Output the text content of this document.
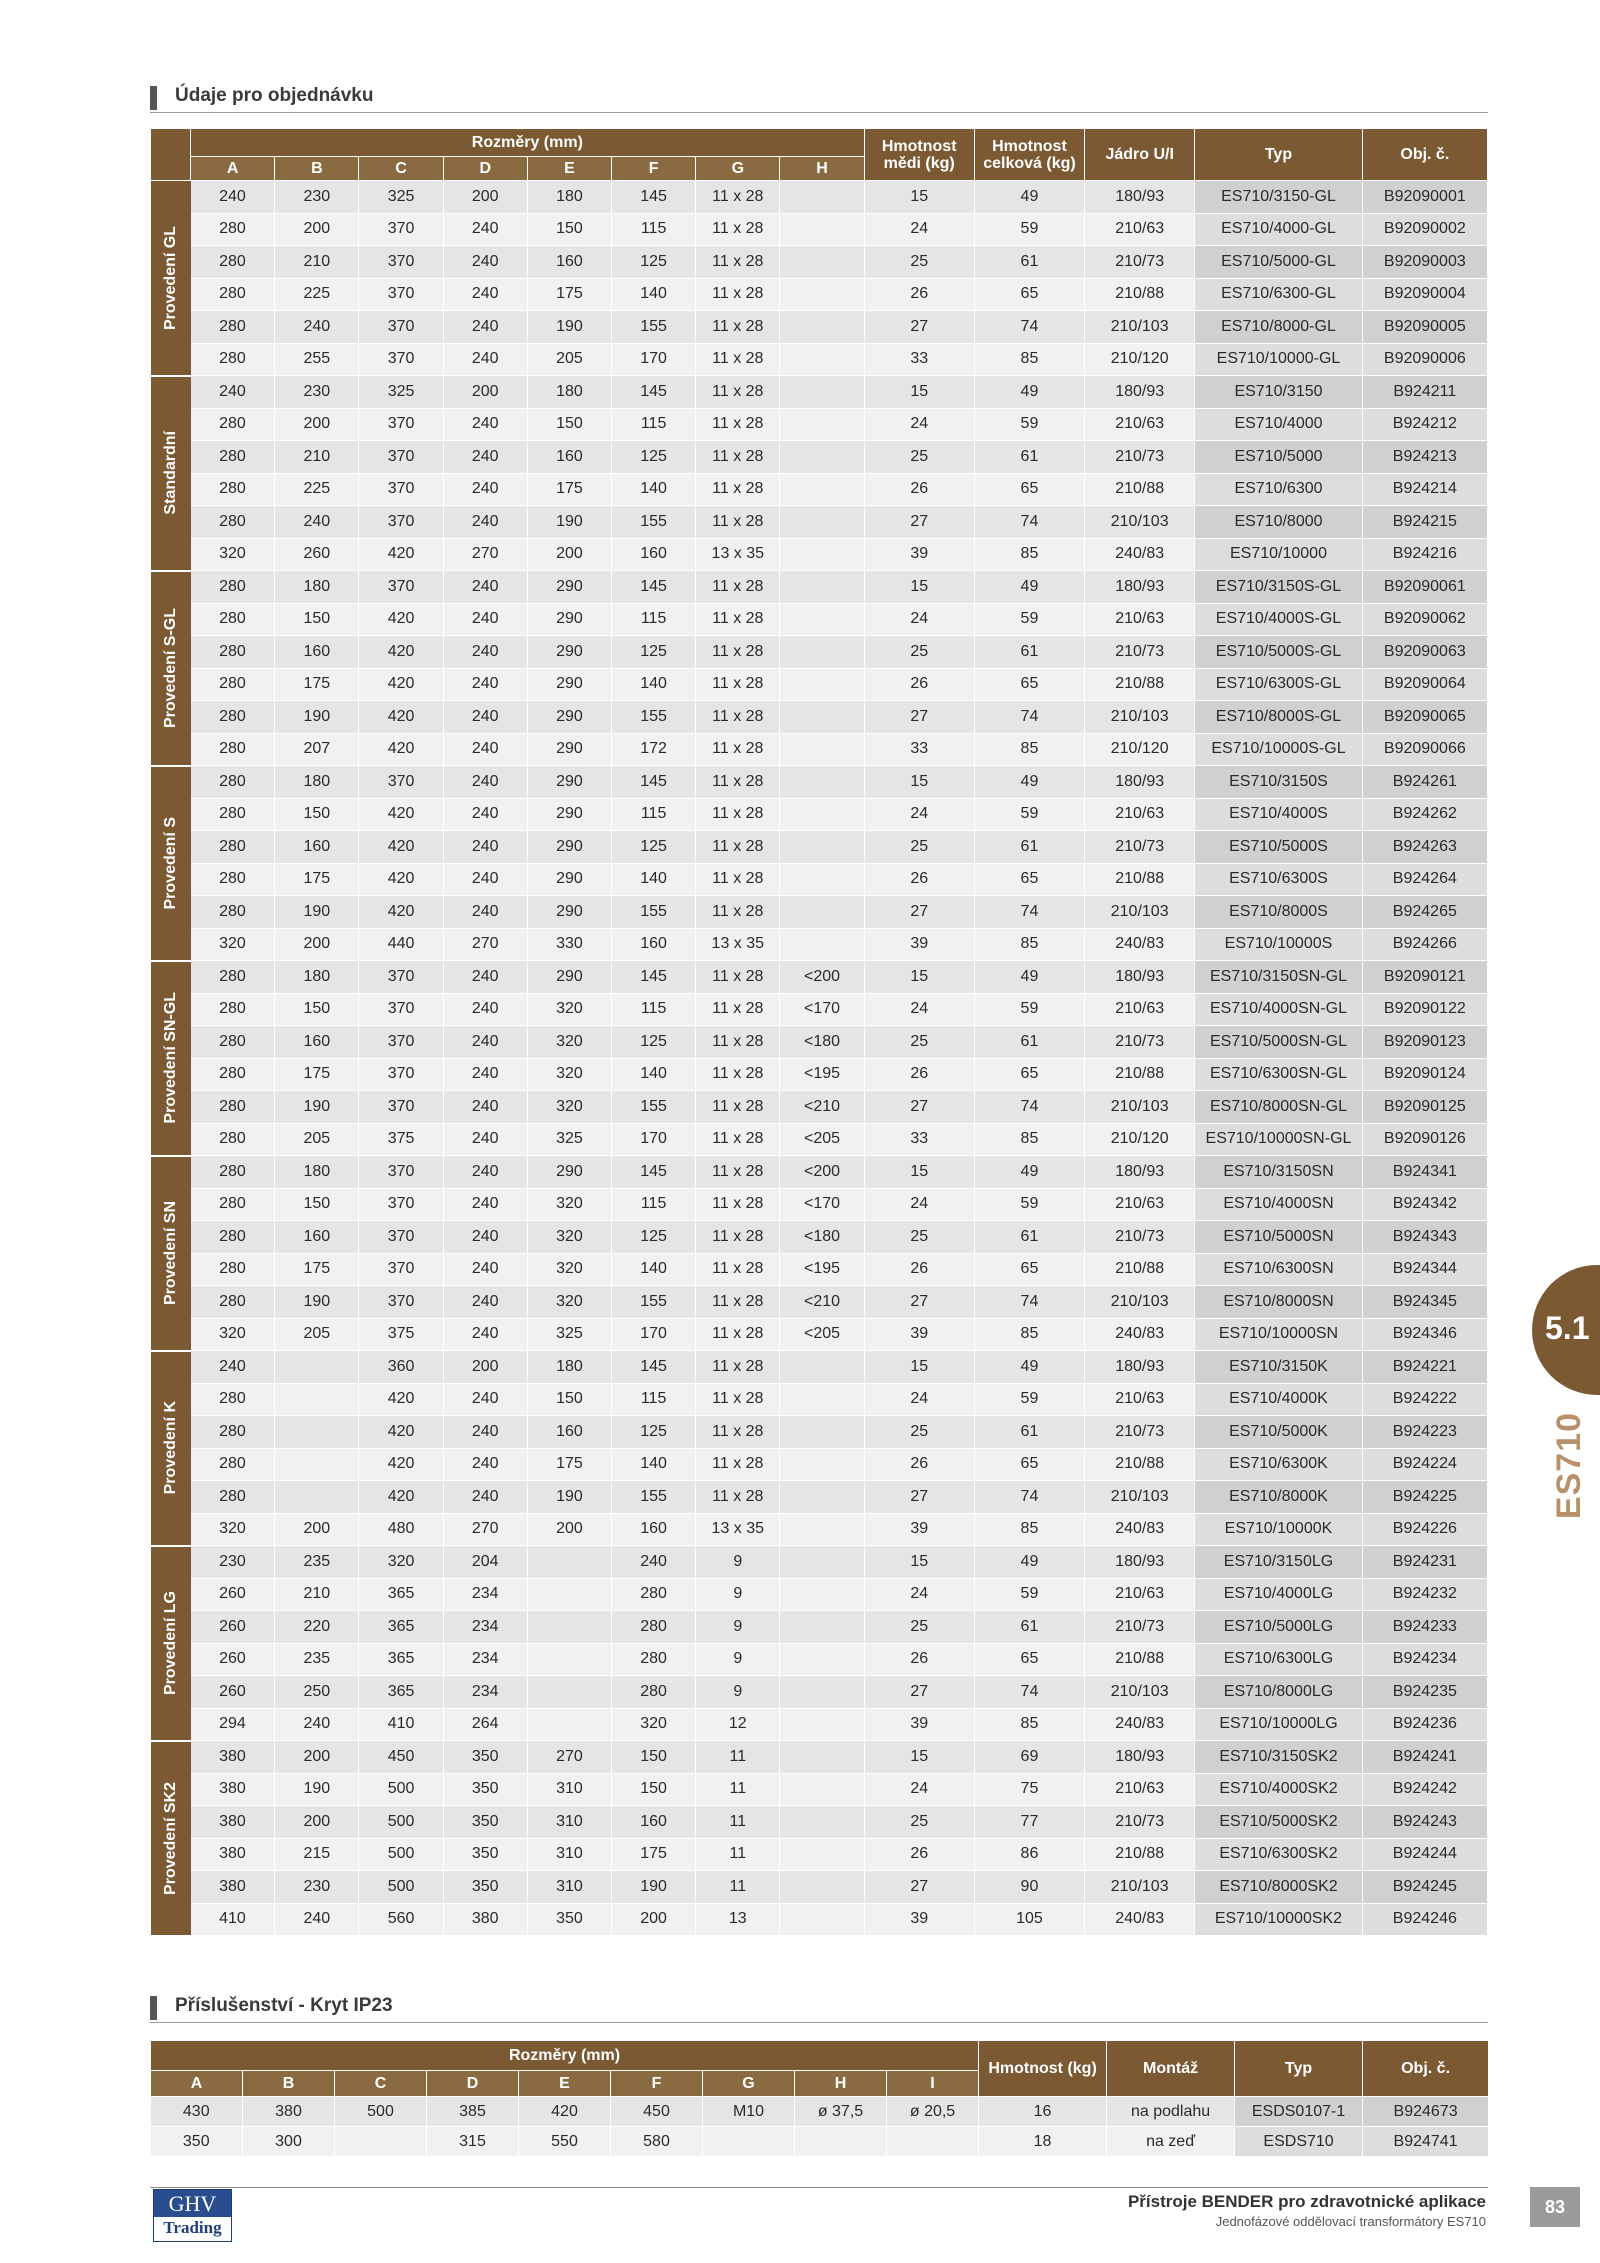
Údaje pro objednávku
	Rozměry (mm)								Hmotnost mědi (kg)	Hmotnost celková (kg)	Jádro U/I	Typ	Obj. č.
	A	B	C	D	E	F	G	H					

Provedení GL	240	230	325	200	180	145	11 x 28		15	49	180/93	ES710/3150-GL	B92090001
	280	200	370	240	150	115	11 x 28		24	59	210/63	ES710/4000-GL	B92090002
	280	210	370	240	160	125	11 x 28		25	61	210/73	ES710/5000-GL	B92090003
	280	225	370	240	175	140	11 x 28		26	65	210/88	ES710/6300-GL	B92090004
	280	240	370	240	190	155	11 x 28		27	74	210/103	ES710/8000-GL	B92090005
	280	255	370	240	205	170	11 x 28		33	85	210/120	ES710/10000-GL	B92090006

Standardní	240	230	325	200	180	145	11 x 28		15	49	180/93	ES710/3150	B924211
	280	200	370	240	150	115	11 x 28		24	59	210/63	ES710/4000	B924212
	280	210	370	240	160	125	11 x 28		25	61	210/73	ES710/5000	B924213
	280	225	370	240	175	140	11 x 28		26	65	210/88	ES710/6300	B924214
	280	240	370	240	190	155	11 x 28		27	74	210/103	ES710/8000	B924215
	320	260	420	270	200	160	13 x 35		39	85	240/83	ES710/10000	B924216

Provedení S-GL	280	180	370	240	290	145	11 x 28		15	49	180/93	ES710/3150S-GL	B92090061
	280	150	420	240	290	115	11 x 28		24	59	210/63	ES710/4000S-GL	B92090062
	280	160	420	240	290	125	11 x 28		25	61	210/73	ES710/5000S-GL	B92090063
	280	175	420	240	290	140	11 x 28		26	65	210/88	ES710/6300S-GL	B92090064
	280	190	420	240	290	155	11 x 28		27	74	210/103	ES710/8000S-GL	B92090065
	280	207	420	240	290	172	11 x 28		33	85	210/120	ES710/10000S-GL	B92090066

Provedení S	280	180	370	240	290	145	11 x 28		15	49	180/93	ES710/3150S	B924261
	280	150	420	240	290	115	11 x 28		24	59	210/63	ES710/4000S	B924262
	280	160	420	240	290	125	11 x 28		25	61	210/73	ES710/5000S	B924263
	280	175	420	240	290	140	11 x 28		26	65	210/88	ES710/6300S	B924264
	280	190	420	240	290	155	11 x 28		27	74	210/103	ES710/8000S	B924265
	320	200	440	270	330	160	13 x 35		39	85	240/83	ES710/10000S	B924266

Provedení SN-GL	280	180	370	240	290	145	11 x 28	<200	15	49	180/93	ES710/3150SN-GL	B92090121
	280	150	370	240	320	115	11 x 28	<170	24	59	210/63	ES710/4000SN-GL	B92090122
	280	160	370	240	320	125	11 x 28	<180	25	61	210/73	ES710/5000SN-GL	B92090123
	280	175	370	240	320	140	11 x 28	<195	26	65	210/88	ES710/6300SN-GL	B92090124
	280	190	370	240	320	155	11 x 28	<210	27	74	210/103	ES710/8000SN-GL	B92090125
	280	205	375	240	325	170	11 x 28	<205	33	85	210/120	ES710/10000SN-GL	B92090126

Provedení SN	280	180	370	240	290	145	11 x 28	<200	15	49	180/93	ES710/3150SN	B924341
	280	150	370	240	320	115	11 x 28	<170	24	59	210/63	ES710/4000SN	B924342
	280	160	370	240	320	125	11 x 28	<180	25	61	210/73	ES710/5000SN	B924343
	280	175	370	240	320	140	11 x 28	<195	26	65	210/88	ES710/6300SN	B924344
	280	190	370	240	320	155	11 x 28	<210	27	74	210/103	ES710/8000SN	B924345
	320	205	375	240	325	170	11 x 28	<205	39	85	240/83	ES710/10000SN	B924346

Provedení K	240		360	200	180	145	11 x 28		15	49	180/93	ES710/3150K	B924221
	280		420	240	150	115	11 x 28		24	59	210/63	ES710/4000K	B924222
	280		420	240	160	125	11 x 28		25	61	210/73	ES710/5000K	B924223
	280		420	240	175	140	11 x 28		26	65	210/88	ES710/6300K	B924224
	280		420	240	190	155	11 x 28		27	74	210/103	ES710/8000K	B924225
	320	200	480	270	200	160	13 x 35		39	85	240/83	ES710/10000K	B924226

Provedení LG	230	235	320	204		240	9		15	49	180/93	ES710/3150LG	B924231
	260	210	365	234		280	9		24	59	210/63	ES710/4000LG	B924232
	260	220	365	234		280	9		25	61	210/73	ES710/5000LG	B924233
	260	235	365	234		280	9		26	65	210/88	ES710/6300LG	B924234
	260	250	365	234		280	9		27	74	210/103	ES710/8000LG	B924235
	294	240	410	264		320	12		39	85	240/83	ES710/10000LG	B924236

Provedení SK2	380	200	450	350	270	150	11		15	69	180/93	ES710/3150SK2	B924241
	380	190	500	350	310	150	11		24	75	210/63	ES710/4000SK2	B924242
	380	200	500	350	310	160	11		25	77	210/73	ES710/5000SK2	B924243
	380	215	500	350	310	175	11		26	86	210/88	ES710/6300SK2	B924244
	380	230	500	350	310	190	11		27	90	210/103	ES710/8000SK2	B924245
	410	240	560	380	350	200	13		39	105	240/83	ES710/10000SK2	B924246
Příslušenství - Kryt IP23
Rozměry (mm)									Hmotnost (kg)	Montáž	Typ	Obj. č.
A	B	C	D	E	F	G	H	I				
430	380	500	385	420	450	M10	ø 37,5	ø 20,5	16	na podlahu	ESDS0107-1	B924673
350	300		315	550	580				18	na zeď	ESDS710	B924741
5.1
ES710
GHV
Trading
Přístroje BENDER pro zdravotnické aplikace
Jednofázové oddělovací transformátory ES710
83
